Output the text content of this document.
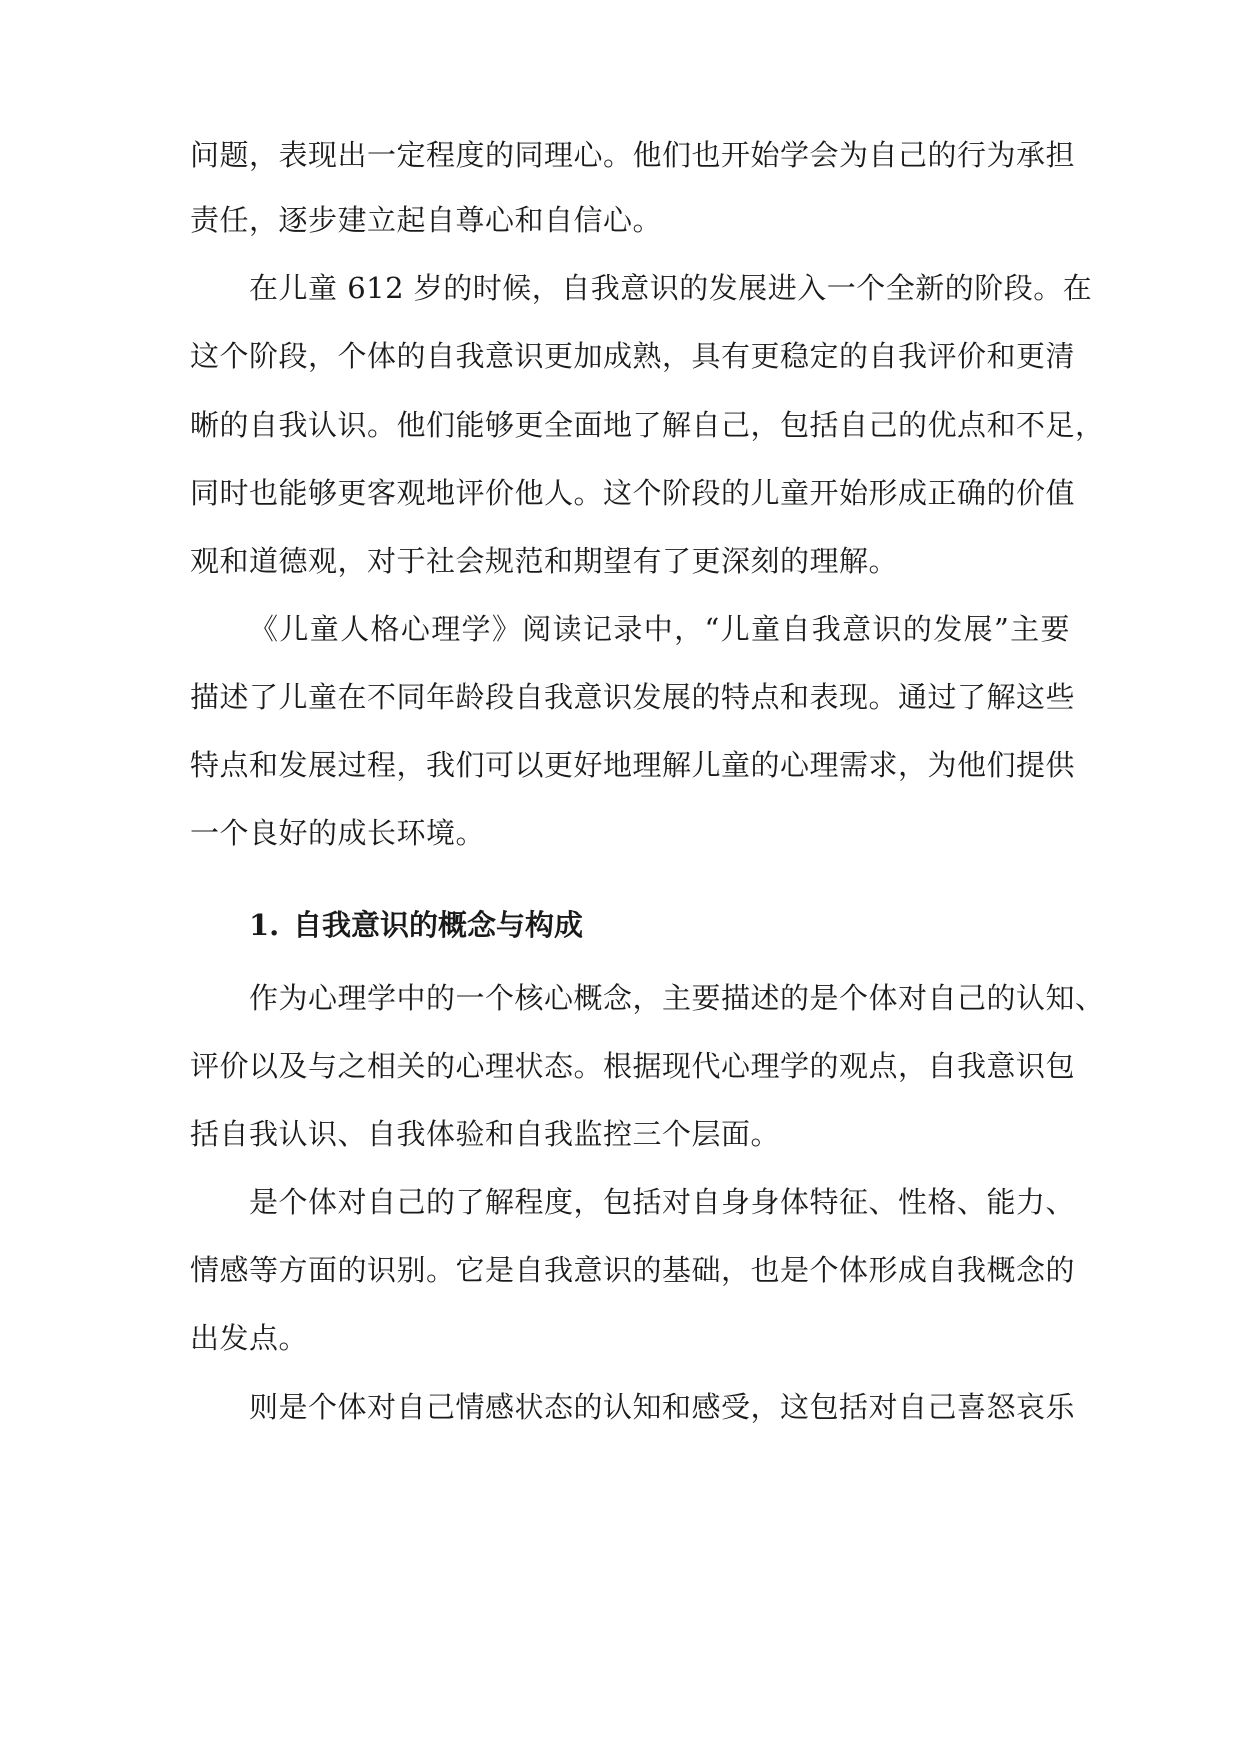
问题，表现出一定程度的同理心。他们也开始学会为自己的行为承担
责任，逐步建立起自尊心和自信心。
在儿童 612 岁的时候，自我意识的发展进入一个全新的阶段。在
这个阶段，个体的自我意识更加成熟，具有更稳定的自我评价和更清
晰的自我认识。他们能够更全面地了解自己，包括自己的优点和不足，
同时也能够更客观地评价他人。这个阶段的儿童开始形成正确的价值
观和道德观，对于社会规范和期望有了更深刻的理解。
《儿童人格心理学》阅读记录中，“儿童自我意识的发展”主要
描述了儿童在不同年龄段自我意识发展的特点和表现。通过了解这些
特点和发展过程，我们可以更好地理解儿童的心理需求，为他们提供
一个良好的成长环境。
1. 自我意识的概念与构成
作为心理学中的一个核心概念，主要描述的是个体对自己的认知、
评价以及与之相关的心理状态。根据现代心理学的观点，自我意识包
括自我认识、自我体验和自我监控三个层面。
是个体对自己的了解程度，包括对自身身体特征、性格、能力、
情感等方面的识别。它是自我意识的基础，也是个体形成自我概念的
出发点。
则是个体对自己情感状态的认知和感受，这包括对自己喜怒哀乐
